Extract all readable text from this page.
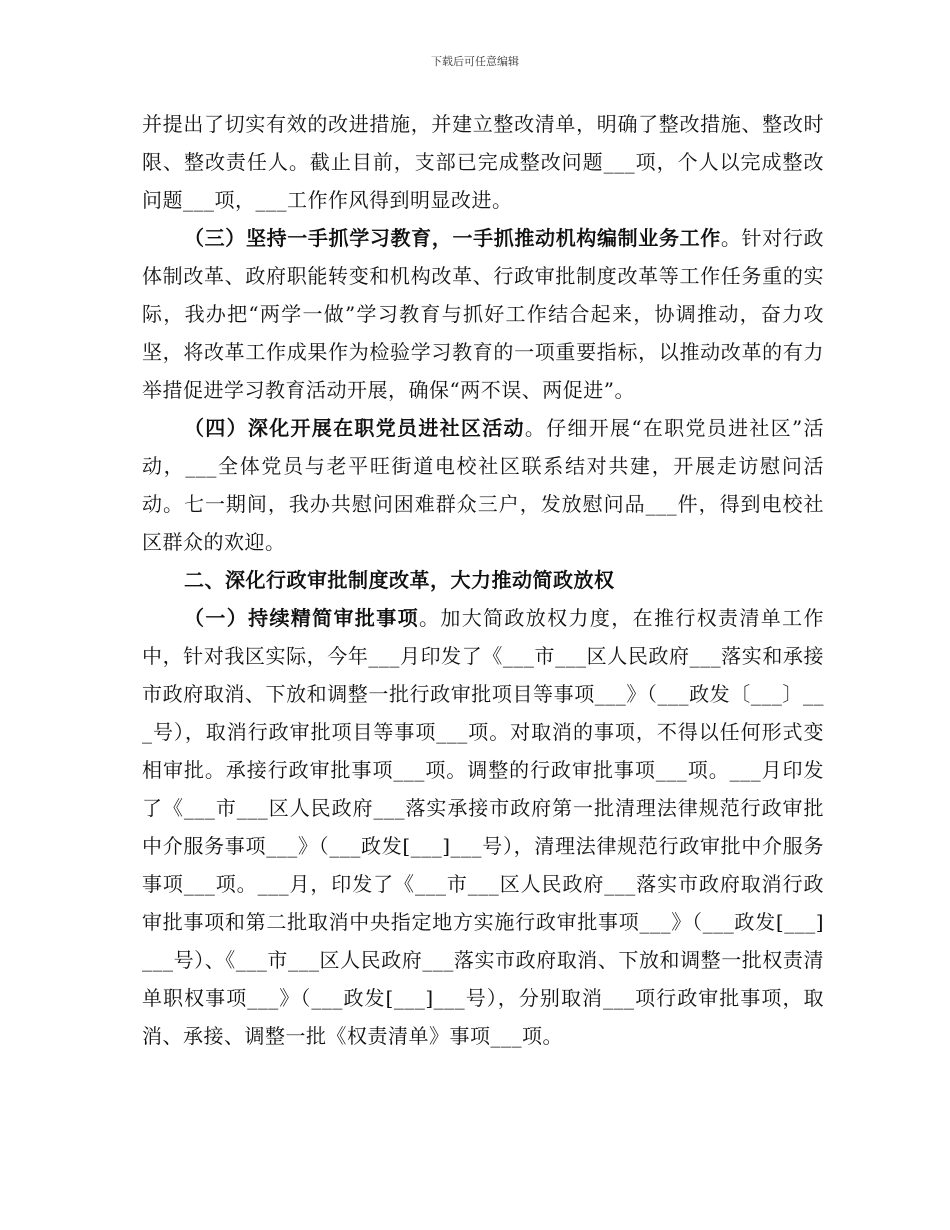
下载后可任意编辑

并提出了切实有效的改进措施，并建立整改清单，明确了整改措施、整改时限、整改责任人。截止目前，支部已完成整改问题___项，个人以完成整改问题___项，___工作作风得到明显改进。

（三）坚持一手抓学习教育，一手抓推动机构编制业务工作。针对行政体制改革、政府职能转变和机构改革、行政审批制度改革等工作任务重的实际，我办把“两学一做”学习教育与抓好工作结合起来，协调推动，奋力攻坚，将改革工作成果作为检验学习教育的一项重要指标，以推动改革的有力举措促进学习教育活动开展，确保“两不误、两促进”。

（四）深化开展在职党员进社区活动。仔细开展“在职党员进社区”活动，___全体党员与老平旺街道电校社区联系结对共建，开展走访慰问活动。七一期间，我办共慰问困难群众三户，发放慰问品___件，得到电校社区群众的欢迎。

二、深化行政审批制度改革，大力推动简政放权

（一）持续精简审批事项。加大简政放权力度，在推行权责清单工作中，针对我区实际，今年___月印发了《___市___区人民政府___落实和承接市政府取消、下放和调整一批行政审批项目等事项___》（___政发〔___〕___号），取消行政审批项目等事项___项。对取消的事项，不得以任何形式变相审批。承接行政审批事项___项。调整的行政审批事项___项。___月印发了《___市___区人民政府___落实承接市政府第一批清理法律规范行政审批中介服务事项___》（___政发[___]___号），清理法律规范行政审批中介服务事项___项。___月，印发了《___市___区人民政府___落实市政府取消行政审批事项和第二批取消中央指定地方实施行政审批事项___》（___政发[___]___号）、《___市___区人民政府___落实市政府取消、下放和调整一批权责清单职权事项___》（___政发[___]___号），分别取消___项行政审批事项，取消、承接、调整一批《权责清单》事项___项。
